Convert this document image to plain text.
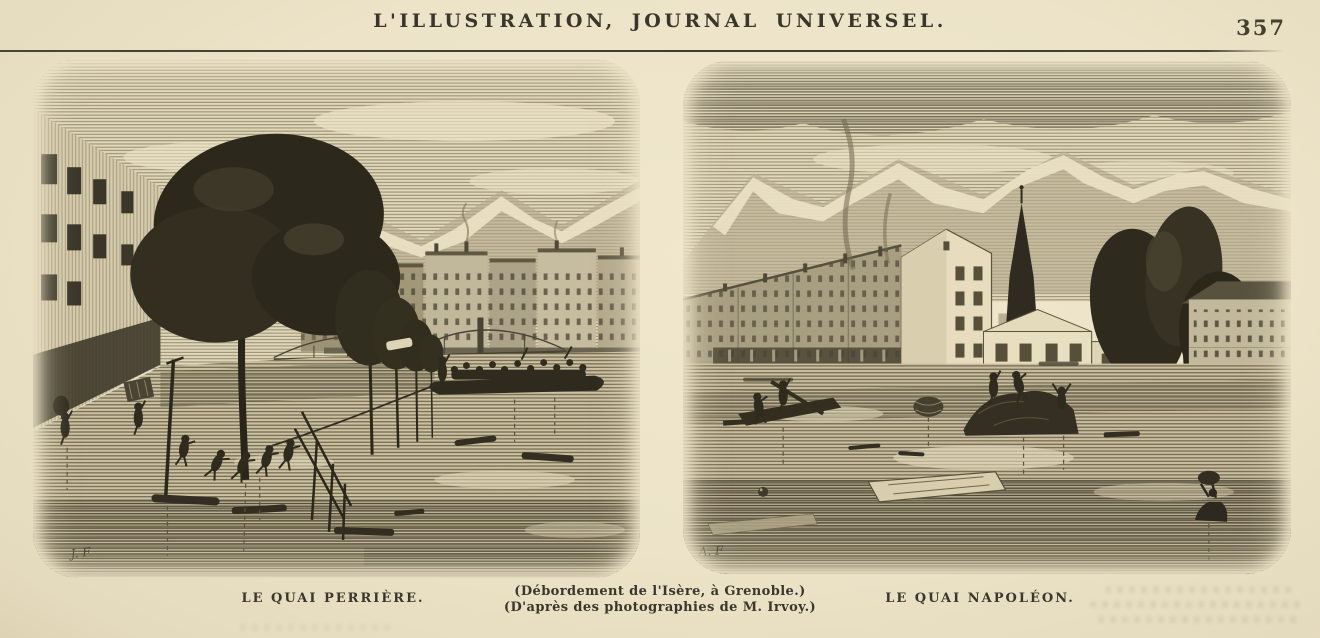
L'ILLUSTRATION, JOURNAL UNIVERSEL.	357
J. F	A. F
LE QUAI PERRIÈRE.	(Débordement de l'Isère, à Grenoble.)
(D'après des photographies de M. Irvoy.)
LE QUAI NAPOLÉON.
